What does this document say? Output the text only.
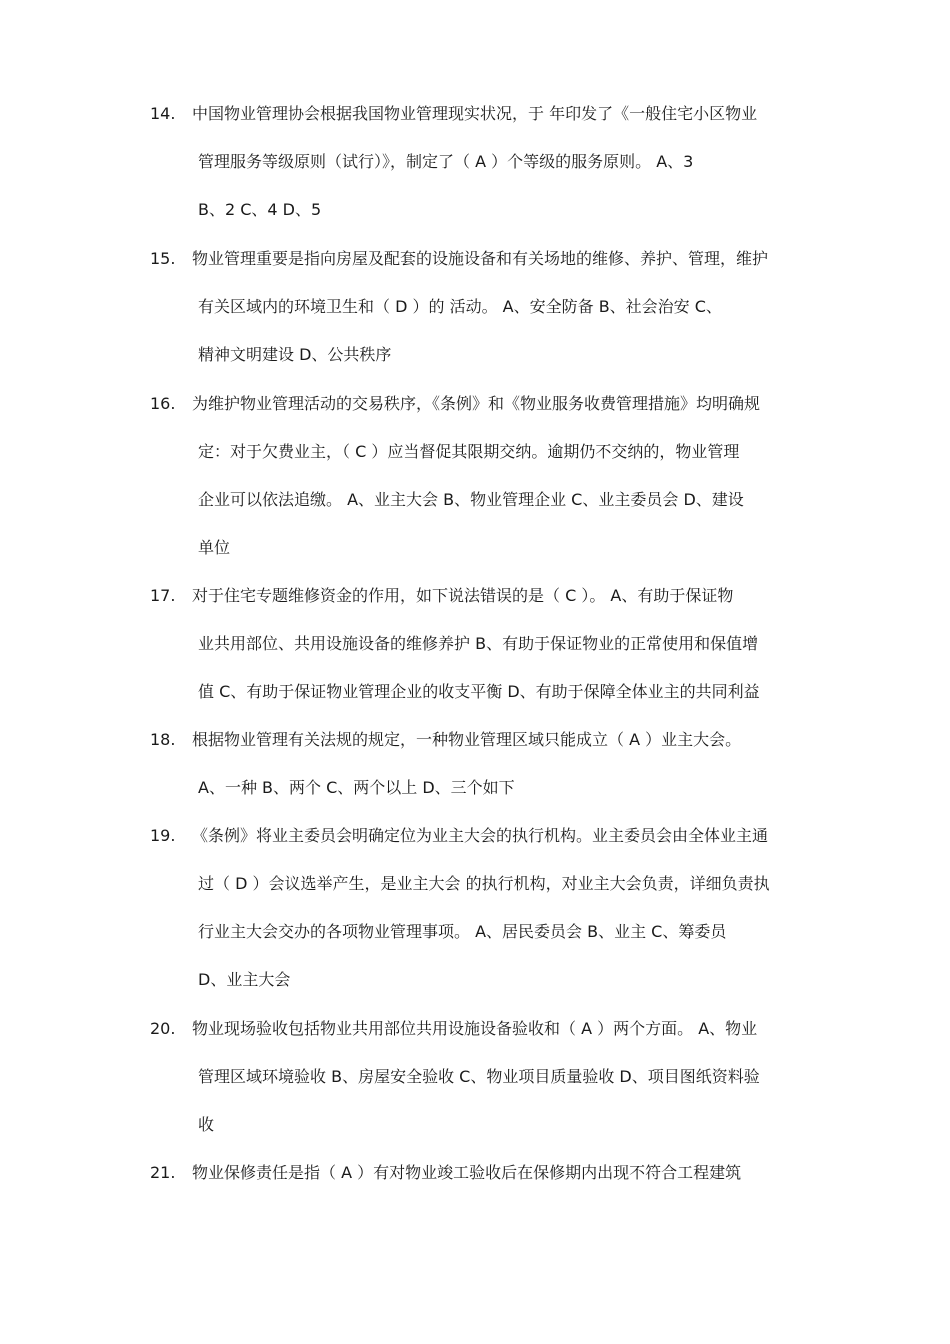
14. 中国物业管理协会根据我国物业管理现实状况，于 年印发了《一般住宅小区物业
管理服务等级原则（试行）》，制定了（ A ）个等级的服务原则。 A、3
B、2 C、4 D、5
15. 物业管理重要是指向房屋及配套的设施设备和有关场地的维修、养护、管理，维护
有关区域内的环境卫生和（ D ）的 活动。 A、安全防备 B、社会治安 C、
精神文明建设 D、公共秩序
16. 为维护物业管理活动的交易秩序，《条例》和《物业服务收费管理措施》均明确规
定：对于欠费业主，（ C ）应当督促其限期交纳。逾期仍不交纳的，物业管理
企业可以依法追缴。 A、业主大会 B、物业管理企业 C、业主委员会 D、建设
单位
17. 对于住宅专题维修资金的作用，如下说法错误的是（ C ）。 A、有助于保证物
业共用部位、共用设施设备的维修养护 B、有助于保证物业的正常使用和保值增
值 C、有助于保证物业管理企业的收支平衡 D、有助于保障全体业主的共同利益
18. 根据物业管理有关法规的规定，一种物业管理区域只能成立（ A ）业主大会。
A、一种 B、两个 C、两个以上 D、三个如下
19. 《条例》将业主委员会明确定位为业主大会的执行机构。业主委员会由全体业主通
过（ D ）会议选举产生，是业主大会 的执行机构，对业主大会负责，详细负责执
行业主大会交办的各项物业管理事项。 A、居民委员会 B、业主 C、筹委员
D、业主大会
20. 物业现场验收包括物业共用部位共用设施设备验收和（ A ）两个方面。 A、物业
管理区域环境验收 B、房屋安全验收 C、物业项目质量验收 D、项目图纸资料验
收
21. 物业保修责任是指（ A ）有对物业竣工验收后在保修期内出现不符合工程建筑
